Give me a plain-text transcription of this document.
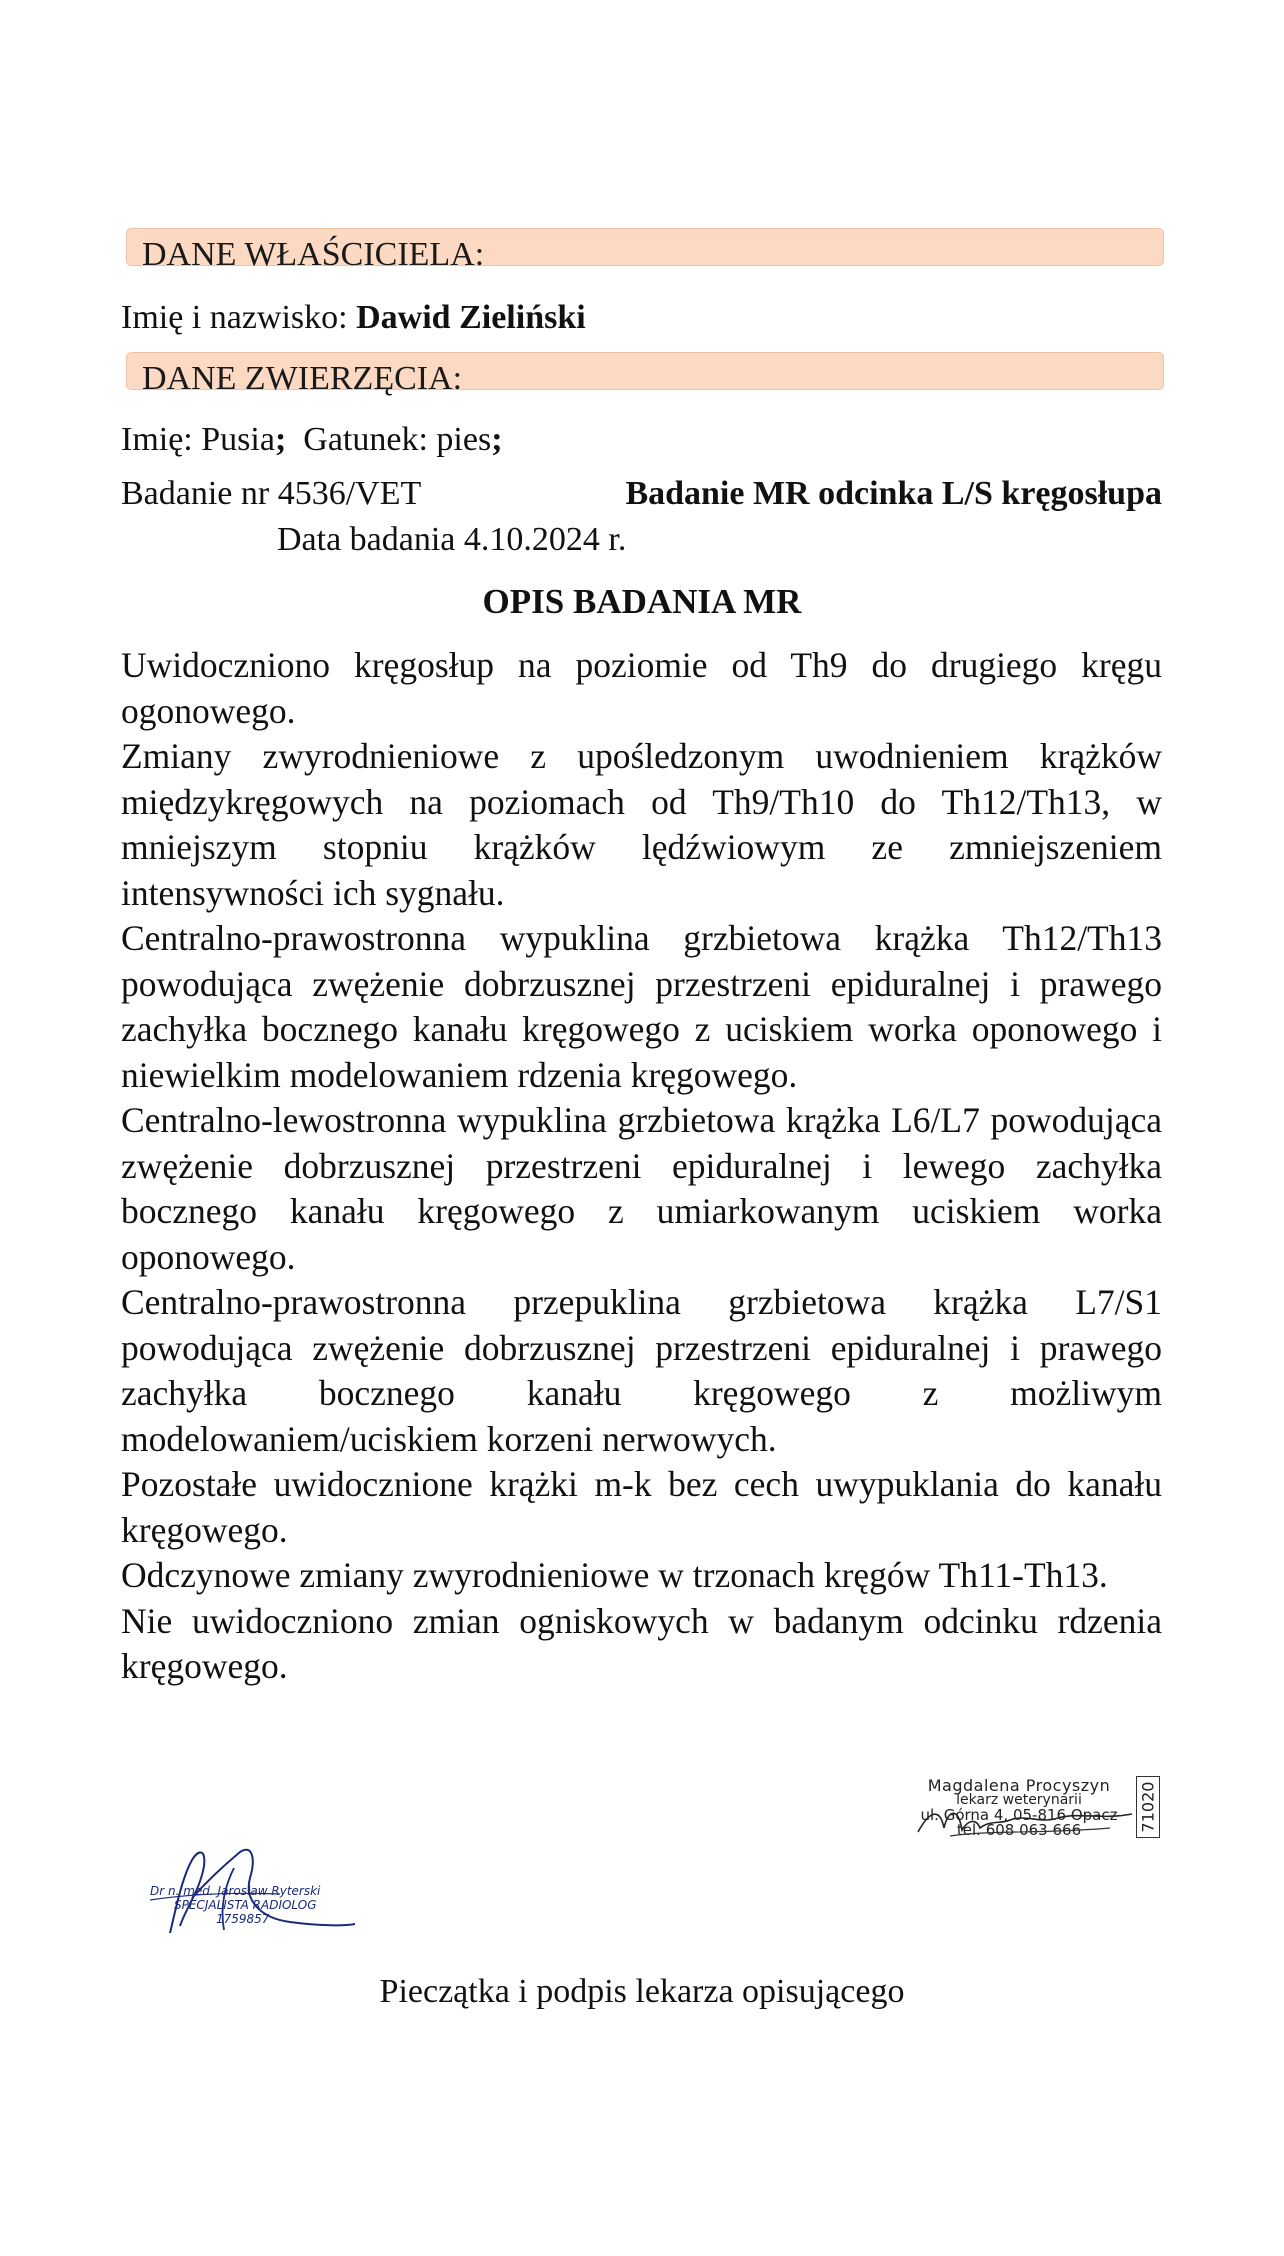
DANE WŁAŚCICIELA:
Imię i nazwisko: Dawid Zieliński
DANE ZWIERZĘCIA:
Imię: Pusia; Gatunek: pies;
Badanie nr 4536/VET	Badanie MR odcinka L/S kręgosłupa
Data badania 4.10.2024 r.
OPIS BADANIA MR

Uwidoczniono kręgosłup na poziomie od Th9 do drugiego kręgu ogonowego.

Zmiany zwyrodnieniowe z upośledzonym uwodnieniem krążków międzykręgowych na poziomach od Th9/Th10 do Th12/Th13, w mniejszym stopniu krążków lędźwiowym ze zmniejszeniem intensywności ich sygnału.

Centralno-prawostronna wypuklina grzbietowa krążka Th12/Th13 powodująca zwężenie dobrzusznej przestrzeni epiduralnej i prawego zachyłka bocznego kanału kręgowego z uciskiem worka oponowego i niewielkim modelowaniem rdzenia kręgowego.

Centralno-lewostronna wypuklina grzbietowa krążka L6/L7 powodująca zwężenie dobrzusznej przestrzeni epiduralnej i lewego zachyłka bocznego kanału kręgowego z umiarkowanym uciskiem worka oponowego.

Centralno-prawostronna przepuklina grzbietowa krążka L7/S1 powodująca zwężenie dobrzusznej przestrzeni epiduralnej i prawego zachyłka bocznego kanału kręgowego z możliwym modelowaniem/uciskiem korzeni nerwowych.

Pozostałe uwidocznione krążki m-k bez cech uwypuklania do kanału kręgowego.

Odczynowe zmiany zwyrodnieniowe w trzonach kręgów Th11-Th13.

Nie uwidoczniono zmian ogniskowych w badanym odcinku rdzenia kręgowego.

Magdalena Procyszyn
lekarz weterynarii
ul. Górna 4, 05-816 Opacz
tel. 608 063 666	71020
Dr n. med. Jarosław Ryterski
SPECJALISTA RADIOLOG
1759857
Pieczątka i podpis lekarza opisującego
